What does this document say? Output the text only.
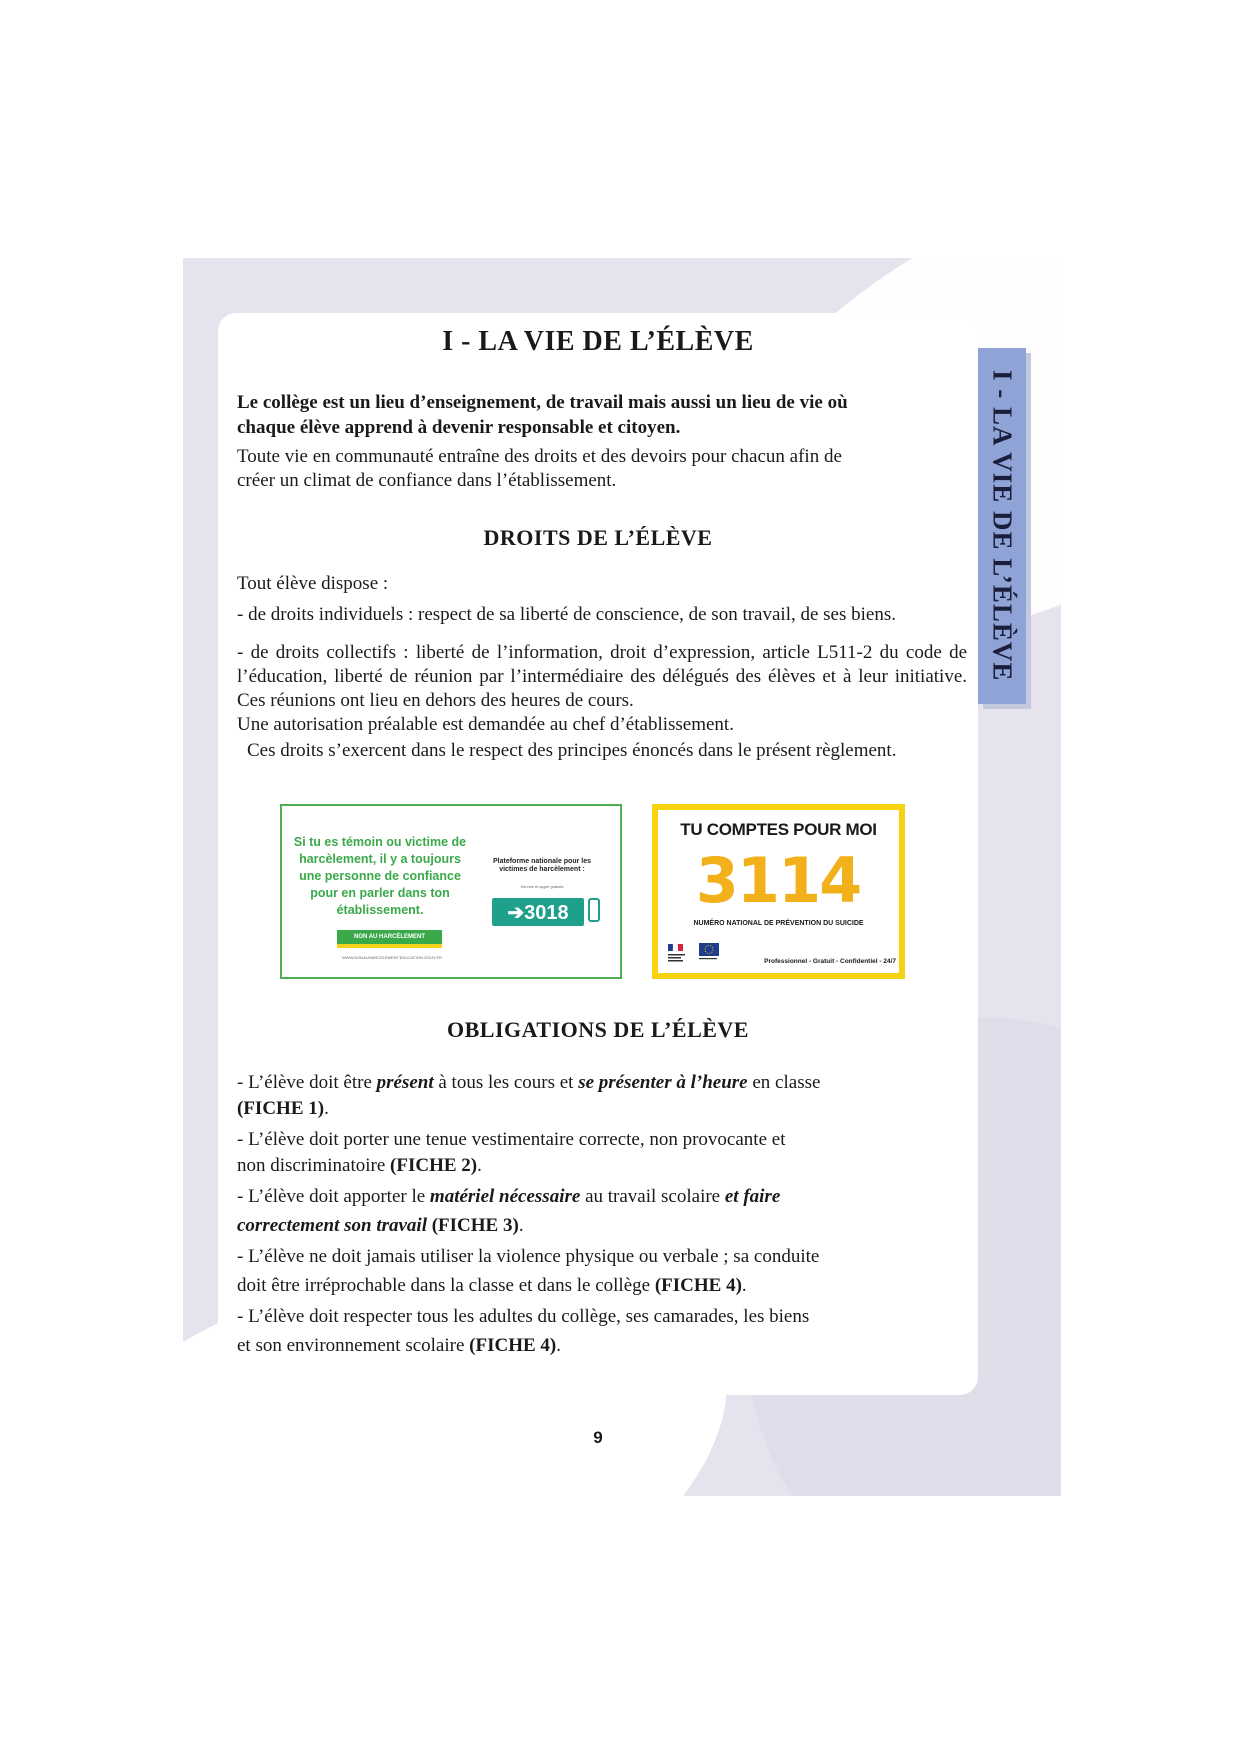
I - LA VIE DE L’ÉLÈVE
I - LA VIE DE L’ÉLÈVE
Le collège est un lieu d’enseignement, de travail mais aussi un lieu de vie où
chaque élève apprend à devenir responsable et citoyen.
Toute vie en communauté entraîne des droits et des devoirs pour chacun afin de
créer un climat de confiance dans l’établissement.
DROITS DE L’ÉLÈVE
Tout élève dispose :
- de droits individuels : respect de sa liberté de conscience, de son travail, de ses biens.
- de droits collectifs : liberté de l’information, droit d’expression, article L511-2 du code de l’éducation, liberté de réunion par l’intermédiaire des délégués des élèves et à leur initiative. Ces réunions ont lieu en dehors des heures de cours.
Une autorisation préalable est demandée au chef d’établissement.
Ces droits s’exercent dans le respect des principes énoncés dans le présent règlement.
Si tu es témoin ou victime de harcèlement, il y a toujours une personne de confiance pour en parler dans ton établissement.
NON AU HARCÈLEMENT
WWW.NONAUHARCELEMENT.EDUCATION.GOUV.FR
Plateforme nationale pour les victimes de harcèlement :
Service et appel gratuits
➔3018
TU COMPTES POUR MOI
3114
NUMÉRO NATIONAL DE PRÉVENTION DU SUICIDE
Professionnel - Gratuit - Confidentiel - 24/7
OBLIGATIONS DE L’ÉLÈVE
- L’élève doit être présent à tous les cours et se présenter à l’heure en classe
(FICHE 1).
- L’élève doit porter une tenue vestimentaire correcte, non provocante et
non discriminatoire (FICHE 2).
- L’élève doit apporter le matériel nécessaire au travail scolaire et faire
correctement son travail (FICHE 3).
- L’élève ne doit jamais utiliser la violence physique ou verbale ; sa conduite
doit être irréprochable dans la classe et dans le collège (FICHE 4).
- L’élève doit respecter tous les adultes du collège, ses camarades, les biens
et son environnement scolaire (FICHE 4).
9
